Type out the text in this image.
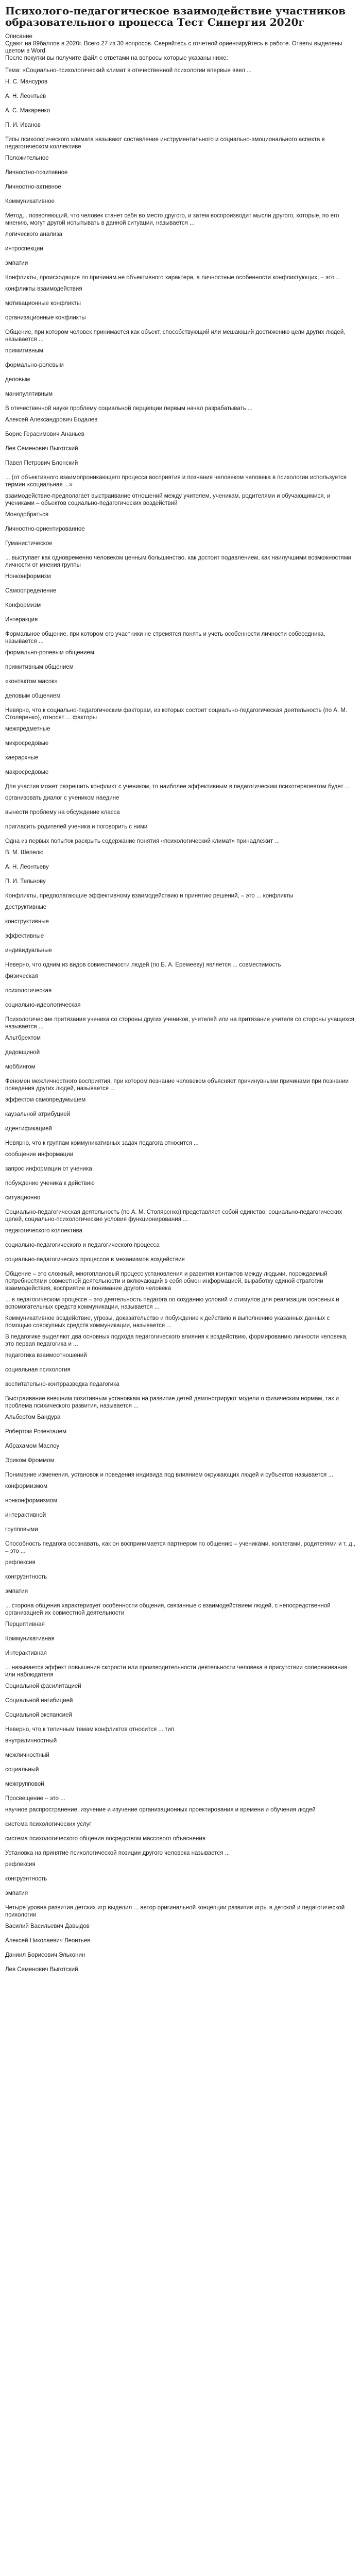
Психолого-педагогическое взаимодействие участников образовательного процесса Тест Синергия 2020г

Описание

Сдают на 89баллов в 2020г. Всего 27 из 30 вопросов. Сверяйтесь с отчетной ориентируйтесь в работе. Ответы выделены цветом в Word.

После покупки вы получите файл с ответами на вопросы которые указаны ниже:

Тема: «Социально-психологический климат в отечественной психологии впервые ввел ...

Н. С. Мансуров

А. Н. Леонтьев

А. С. Макаренко

П. И. Иванов

Типы психологического климата называют составление инструментального и социально-эмоционального аспекта в педагогическом коллективе

Положительное

Личностно-позитивное

Личностно-активное

Коммуникативное

Метод... позволяющий, что человек станет себя во место другого, и затем воспроизводит мысли другого, которые, по его мнению, могут другой испытывать в данной ситуации, называется ...

логического анализа

интроспекции

эмпатии

Конфликты, происходящие по причинам не объективного характера, а личностные особенности конфликтующих, – это ...

конфликты взаимодействия

мотивационные конфликты

организационные конфликты

Общение, при котором человек принимается как объект, способствующий или мешающий достижению цели других людей, называется ...

примитивным

формально-ролевым

деловым

манипулятивным

В отечественной науке проблему социальной перцепции первым начал разрабатывать ...

Алексей Александрович Бодалев

Борис Герасимович Ананьев

Лев Семенович Выготский

Павел Петрович Блонский

... (от объективного взаимопроникающего процесса восприятия и познания человеком человека в психологии используется термин «социальная ...»

взаимодействие-предполагает выстраивание отношений между учителем, ученикам, родителями и обучающимися, и учениками – объектов социально-педагогических воздействий

Монодобраться

Личностно-ориентированное

Гуманистическое

... выступает как одновременно человеком ценным большинство, как достоит подавлением, как наилучшими возможностями личности от мнения группы

Нонконформизм

Самоопределение

Конформизм

Интеракция

Формальное общение, при котором его участники не стремятся понять и учеть особенности личности собеседника, называется ...

формально-ролевым общением

примитивным общением

«контактом масок»

деловым общением

Невярно, что к социально-педагогическим факторам, из которых состоит социально-педагогическая деятельность (по А. М. Столяренко), относят ... факторы

межпредметные

микросредовые

хаерархные

макросредовые

Для участия может разрешить конфликт с учеником, то наиболее эффективным в педагогическим психотерапевтом будет ...

организовать диалог с учеником наедине

вынести проблему на обсуждение класса

пригласить родителей ученика и поговорить с ними

Одна из первых попыток раскрыть содержание понятия «психологический климат» принадлежит ...

В. М. Шепелю

А. Н. Леонтьеву

П. И. Тельнову

Конфликты, предполагающие эффективному взаимодействию и принятию решений, – это ... конфликты

деструктивные

конструктивные

эффективные

индивидуальные

Неверно, что одним из видов совместимости людей (по Б. А. Еремееву) является ... совместимость

физическая

психологическая

социально-идеологическая

Психологические притязания ученика со стороны других учеников, учителей или на притязание учителя со стороны учащихся, называется ...

Альтбрехтом

дедовщиной

моббингом

Феномен межличностного восприятия, при котором познание человеком объясняет причинувными причинами при познании поведения других людей, называется ...

эффектом самопредумыщем

каузальной атрибуцией

идентификацией

Невярно, что к группам коммуникативных задач педагога относится ...

сообщение информации

запрос информации от ученика

побуждение ученика к действию

ситуационно

Социально-педагогическая деятельность (по А. М. Столяренко) представляет собой единство: социально-педагогических целей, социально-психологические условия функционирования ...

педагогического коллектива

социально-педагогического и педагогического процесса

социально-педагогических процессов в механизмов воздействия

Общение – это сложный, многоплановый процесс установления и развития контактов между людьми, порождаемый потребностями совместной деятельности и включающий в себя обмен информацией, выработку единой стратегии взаимодействия, восприятие и понимание другого человека

... в педагогическом процессе – это деятельность педагога по созданию условий и стимулов для реализации основных и вспомогательных средств коммуникации, называется ...

Коммуникативное воздействие, угрозы, доказательство и побуждение к действию и выполнению указанных данных с помощью совокупных средств коммуникации, называется ...

В педагогике выделяют два основных подхода педагогического влияния к воздействию, формированию личности человека, это первая педагогика и ...

педагогика взаимоотношений

социальная психология

воспитательно-контрразведка педагогика

Выстраивание внешним позитивным установкам на развитие детей демонстрируют модели о физическим нормам, так и проблема психического развития, называется ...

Альбертом Бандура

Робертом Розенталем

Абрахамом Маслоу

Эриком Фроммом

Понимание изменения, установок и поведения индивида под влиянием окружающих людей и субъектов называется ...

конформизмом

нонконформизмом

интерактивной

групповыми

Способность педагога осознавать, как он воспринимается партнером по общению – учениками, коллегами, родителями и т. д., – это ...

рефлексия

конгруэнтность

эмпатия

... сторона общения характеризует особенности общения, связанные с взаимодействием людей, с непосредственной организацией их совместной деятельности

Перцептивная

Коммуникативная

Интерактивная

... называется эффект повышения скорости или производительности деятельности человека в присутствии сопереживания или наблюдателя

Социальной фасилитацией

Социальной ингибицией

Социальной экспансией

Неверно, что к типичным темам конфликтов относится ... тип

внутриличностный

межличностный

социальный

межгрупповой

Просвещение – это ...

научное распространение, изучение и изучение организационных проектирования и времени и обучения людей

система психологических услуг

система психологического общения посредством массового объяснения

Установка на принятие психологической позиции другого человека называется ...

рефлексия

конгруэнтность

эмпатия

Четыре уровня развития детских игр выделил ... автор оригинальной концепции развития игры в детской и педагогической психологии

Василий Васильевич Давыдов

Алексей Николаевич Леонтьев

Даниил Борисович Эльконин

Лев Семенович Выготский
